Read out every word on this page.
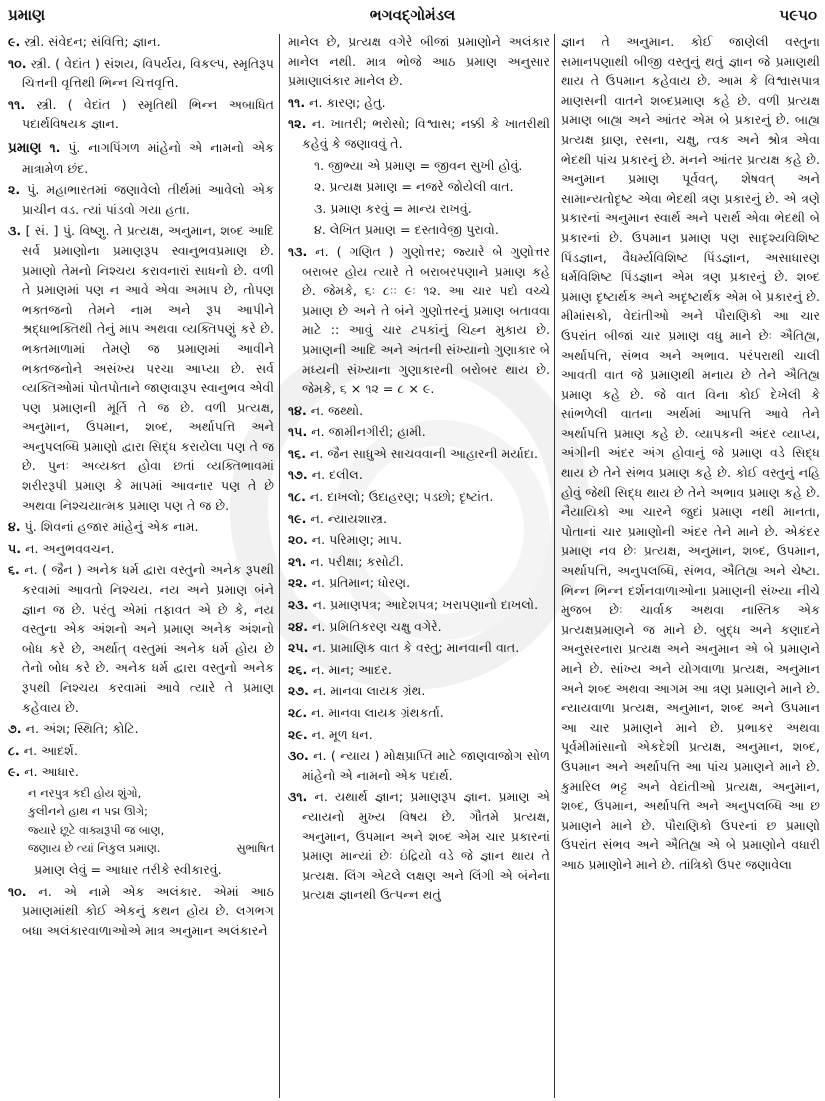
પ્રમાણ	ભગવદ્ગોમંડલ	૫૯૫૦
૯. સ્ત્રી. સંવેદન; સંવિત્તિ; જ્ઞાન.
૧૦. સ્ત્રી. ( વેદાંત ) સંશય, વિપર્યય, વિકલ્પ, સ્મૃતિરૂપ ચિત્તની વૃત્તિથી ભિન્ન ચિત્તવૃત્તિ.
૧૧. સ્ત્રી. ( વેદાંત ) સ્મૃતિથી ભિન્ન અબાધિત પદાર્થવિષયક જ્ઞાન.
પ્રમાણ ૧. પું. નાગપિંગળ માંહેનો એ નામનો એક માત્રામેળ છંદ.
૨. પું. મહાભારતમાં જણાવેલો તીર્થમાં આવેલો એક પ્રાચીન વડ. ત્યાં પાંડવો ગયા હતા.
૩. [ સં. ] પું. વિષ્ણુ. તે પ્રત્યક્ષ, અનુમાન, શબ્દ આદિ સર્વ પ્રમાણોના પ્રમાણરૂપ સ્વાનુભવપ્રમાણ છે. પ્રમાણો તેમનો નિશ્ચય કરાવનારાં સાધનો છે. વળી તે પ્રમાણમાં પણ ન આવે એવા અમાપ છે, તોપણ ભક્તજનો તેમને નામ અને રૂપ આપીને શ્રદ્ધાભક્તિથી તેનું માપ અથવા વ્યક્તિપણું કરે છે. ભક્તમાળામાં તેમણે જ પ્રમાણમાં આવીને ભક્તજનોને અસંખ્ય પરચા આપ્યા છે. સર્વ વ્યક્તિઓમાં પોતપોતાને જાણવારૂપ સ્વાનુભવ એવી પણ પ્રમાણની મૂર્તિ તે જ છે. વળી પ્રત્યક્ષ, અનુમાન, ઉપમાન, શબ્દ, અર્થાપત્તિ અને અનુપલબ્ધિ પ્રમાણો દ્વારા સિદ્ધ કરાયેલા પણ તે જ છે. પુનઃ અવ્યક્ત હોવા છતાં વ્યક્તિભાવમાં શરીરરૂપી પ્રમાણ કે માપમાં આવનાર પણ તે છે અથવા નિશ્ચયાત્મક પ્રમાણ પણ તે જ છે.
૪. પું. શિવનાં હજાર માંહેનું એક નામ.
૫. ન. અનુભવવચન.
૬. ન. ( જૈન ) અનેક ધર્મ દ્વારા વસ્તુનો અનેક રૂપથી કરવામાં આવતો નિશ્ચય. નય અને પ્રમાણ બંને જ્ઞાન જ છે. પરંતુ એમાં તફાવત એ છે કે, નય વસ્તુના એક અંશનો અને પ્રમાણ અનેક અંશનો બોધ કરે છે, અર્થાત્ વસ્તુમાં અનેક ધર્મ હોય છે તેનો બોધ કરે છે. અનેક ધર્મ દ્વારા વસ્તુનો અનેક રૂપથી નિશ્ચય કરવામાં આવે ત્યારે તે પ્રમાણ કહેવાય છે.
૭. ન. અંશ; સ્થિતિ; કોટિ.
૮. ન. આદર્શ.
૯. ન. આધાર.
ન નરપુત્ર કદી હોય શુંગો,
કુલીનને હાથ ન પદ્મ ઊગે;
જ્યારે છૂટે વાક્યરૂપી જ બાણ,
જણાય છે ત્યાં નિકુલ પ્રમાણ.	સુભાષિત
પ્રમાણ લેવું = આધાર તરીકે સ્વીકારવું.
૧૦. ન. એ નામે એક અલંકાર. એમાં આઠ પ્રમાણમાંથી કોઈ એકનું કથન હોય છે. લગભગ બધા અલંકારવાળાઓએ માત્ર અનુમાન અલંકારને
માનેલ છે, પ્રત્યક્ષ વગેરે બીજાં પ્રમાણોને અલંકાર માનેલ નથી. માત્ર ભોજે આઠ પ્રમાણ અનુસાર પ્રમાણાલંકાર માનેલ છે.
૧૧. ન. કારણ; હેતુ.
૧૨. ન. ખાતરી; ભરોસો; વિશ્વાસ; નક્કી કે ખાતરીથી કહેવું કે જણાવવું તે.
૧. જીભ્યા એ પ્રમાણ = જીવન સુખી હોવું.
૨. પ્રત્યક્ષ પ્રમાણ = નજરે જોયેલી વાત.
૩. પ્રમાણ કરવું = માન્ય રાખવું.
૪. લેખિત પ્રમાણ = દસ્તાવેજી પુરાવો.
૧૩. ન. ( ગણિત ) ગુણોત્તર; જ્યારે બે ગુણોત્તર બરાબર હોય ત્યારે તે બરાબરપણાને પ્રમાણ કહે છે. જેમકે, ૬ઃ ૮ઃઃ ૯ઃ ૧૨. આ ચાર પદો વચ્ચે પ્રમાણ છે અને તે બંને ગુણોત્તરનું પ્રમાણ બતાવવા માટે :: આવું ચાર ટપકાંનું ચિહ્ન મુકાય છે. પ્રમાણની આદિ અને અંતની સંખ્યાનો ગુણાકાર બે મધ્યની સંખ્યાના ગુણાકારની બરોબર થાય છે. જેમકે, ૬ × ૧૨ = ૮ × ૯.
૧૪. ન. જથ્થો.
૧૫. ન. જામીનગીરી; હામી.
૧૬. ન. જૈન સાધુએ સાચવવાની આહારની મર્યાદા.
૧૭. ન. દલીલ.
૧૮. ન. દાખલો; ઉદાહરણ; પડછો; દૃષ્ટાંત.
૧૯. ન. ન્યાયશાસ્ત્ર.
૨૦. ન. પરિમાણ; માપ.
૨૧. ન. પરીક્ષા; કસોટી.
૨૨. ન. પ્રતિમાન; ધોરણ.
૨૩. ન. પ્રમાણપત્ર; આદેશપત્ર; ખરાપણાનો દાખલો.
૨૪. ન. પ્રમિતિકરણ ચક્ષુ વગેરે.
૨૫. ન. પ્રામાણિક વાત કે વસ્તુ; માનવાની વાત.
૨૬. ન. માન; આદર.
૨૭. ન. માનવા લાયક ગ્રંથ.
૨૮. ન. માનવા લાયક ગ્રંથકર્તા.
૨૯. ન. મૂળ ધન.
૩૦. ન. ( ન્યાય ) મોક્ષપ્રાપ્તિ માટે જાણવાજોગ સોળ માંહેનો એ નામનો એક પદાર્થ.
૩૧. ન. યથાર્થ જ્ઞાન; પ્રમાણરૂપ જ્ઞાન. પ્રમાણ એ ન્યાયનો મુખ્ય વિષય છે. ગૌતમે પ્રત્યક્ષ, અનુમાન, ઉપમાન અને શબ્દ એમ ચાર પ્રકારનાં પ્રમાણ માન્યાં છેઃ ઇંદ્રિયો વડે જે જ્ઞાન થાય તે પ્રત્યક્ષ. લિંગ એટલે લક્ષણ અને લિંગી એ બંનેના પ્રત્યક્ષ જ્ઞાનથી ઉત્પન્ન થતું
જ્ઞાન તે અનુમાન. કોઈ જાણેલી વસ્તુના સમાનપણાથી બીજી વસ્તુનું થતું જ્ઞાન જે પ્રમાણથી થાય તે ઉપમાન કહેવાય છે. આમ કે વિશ્વાસપાત્ર માણસની વાતને શબ્દપ્રમાણ કહે છે. વળી પ્રત્યક્ષ પ્રમાણ બાહ્ય અને આંતર એમ બે પ્રકારનું છે. બાહ્ય પ્રત્યક્ષ ઘ્રાણ, રસના, ચક્ષુ, ત્વક અને શ્રોત્ર એવા ભેદથી પાંચ પ્રકારનું છે. મનને આંતર પ્રત્યક્ષ કહે છે. અનુમાન પ્રમાણ પૂર્વવત્, શેષવત્ અને સામાન્યતોદૃષ્ટ એવા ભેદથી ત્રણ પ્રકારનું છે. એ ત્રણે પ્રકારનાં અનુમાન સ્વાર્થ અને પરાર્થ એવા ભેદથી બે પ્રકારનાં છે. ઉપમાન પ્રમાણ પણ સાદૃશ્યવિશિષ્ટ પિંડજ્ઞાન, વૈધર્મ્યવિશિષ્ટ પિંડજ્ઞાન, અસાધારણ ધર્મવિશિષ્ટ પિંડજ્ઞાન એમ ત્રણ પ્રકારનું છે. શબ્દ પ્રમાણ દૃષ્ટાર્થક અને અદૃષ્ટાર્થક એમ બે પ્રકારનું છે. મીમાંસકો, વેદાંતીઓ અને પૌરાણિકો આ ચાર ઉપરાંત બીજાં ચાર પ્રમાણ વધુ માને છેઃ ઐતિહ્ય, અર્થાપત્તિ, સંભવ અને અભાવ. પરંપરાથી ચાલી આવતી વાત જે પ્રમાણથી મનાય છે તેને ઐતિહ્ય પ્રમાણ કહે છે. જે વાત વિના કોઈ દેખેલી કે સાંભળેલી વાતના અર્થમાં આપત્તિ આવે તેને અર્થાપત્તિ પ્રમાણ કહે છે. વ્યાપકની અંદર વ્યાપ્ય, અંગીની અંદર અંગ હોવાનું જે પ્રમાણ વડે સિદ્ધ થાય છે તેને સંભવ પ્રમાણ કહે છે. કોઈ વસ્તુનું નહિ હોવું જેથી સિદ્ધ થાય છે તેને અભાવ પ્રમાણ કહે છે. નૈયાયિકો આ ચારને જુદાં પ્રમાણ નથી માનતા, પોતાનાં ચાર પ્રમાણોની અંદર તેને માને છે. એકંદર પ્રમાણ નવ છેઃ પ્રત્યક્ષ, અનુમાન, શબ્દ, ઉપમાન, અર્થાપત્તિ, અનુપલબ્ધિ, સંભવ, ઐતિહ્ય અને ચેષ્ટા. ભિન્ન ભિન્ન દર્શનવાળાઓના પ્રમાણની સંખ્યા નીચે મુજબ છેઃ ચાર્વાક અથવા નાસ્તિક એક પ્રત્યક્ષપ્રમાણને જ માને છે. બુદ્ધ અને કણાદને અનુસરનારા પ્રત્યક્ષ અને અનુમાન એ બે પ્રમાણને માને છે. સાંખ્ય અને યોગવાળા પ્રત્યક્ષ, અનુમાન અને શબ્દ અથવા આગમ આ ત્રણ પ્રમાણને માને છે. ન્યાયવાળા પ્રત્યક્ષ, અનુમાન, શબ્દ અને ઉપમાન આ ચાર પ્રમાણને માને છે. પ્રભાકર અથવા પૂર્વમીમાંસાનો એકદેશી પ્રત્યક્ષ, અનુમાન, શબ્દ, ઉપમાન અને અર્થાપત્તિ આ પાંચ પ્રમાણને માને છે. કુમારિલ ભટ્ટ અને વેદાંતીઓ પ્રત્યક્ષ, અનુમાન, શબ્દ, ઉપમાન, અર્થાપત્તિ અને અનુપલબ્ધિ આ છ પ્રમાણને માને છે. પૌરાણિકો ઉપરનાં છ પ્રમાણો ઉપરાંત સંભવ અને ઐતિહ્ય એ બે પ્રમાણોને વધારી આઠ પ્રમાણોને માને છે. તાંત્રિકો ઉપર જણાવેલા
